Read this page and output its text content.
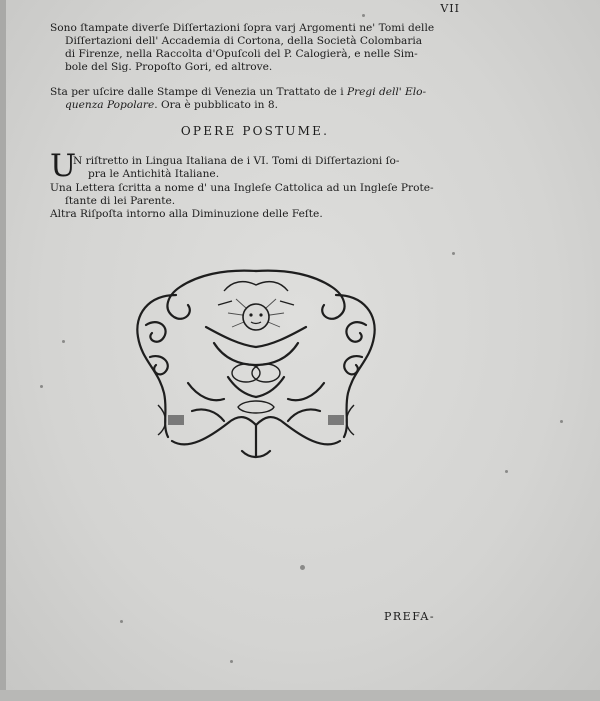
VII
Sono ſtampate diverſe Diſſertazioni ſopra varj Argomenti ne' Tomi delle
Diſſertazioni dell' Accademia di Cortona, della Società Colombaria
di Firenze, nella Raccolta d'Opuſcoli del P. Calogierà, e nelle Sim-
bole del Sig. Propoſto Gori, ed altrove.
Sta per uſcire dalle Stampe di Venezia un Trattato de i Pregi dell' Elo-
quenza Popolare. Ora è pubblicato in 8.
OPERE POSTUME.
U
N riſtretto in Lingua Italiana de i VI. Tomi di Diſſertazioni ſo-
pra le Antichità Italiane.
Una Lettera ſcritta a nome d' una Ingleſe Cattolica ad un Ingleſe Prote-
ſtante di lei Parente.
Altra Riſpoſta intorno alla Diminuzione delle Feſte.
PREFA-
